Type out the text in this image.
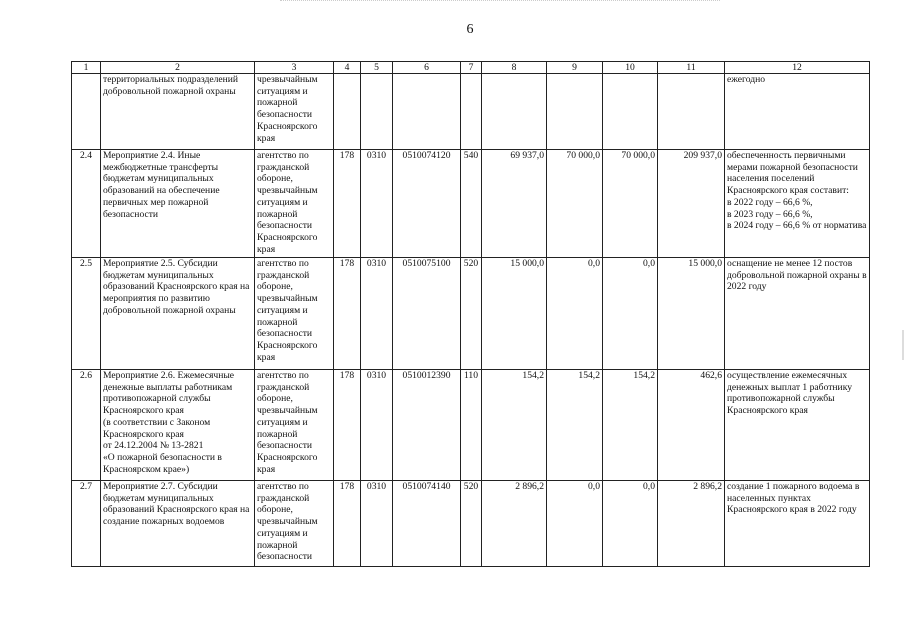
6
1	2	3	4	5	6	7	8	9	10	11	12
	территориальных подразделений добровольной пожарной охраны	чрезвычайным ситуациям и пожарной безопасности Красноярского края									ежегодно
2.4	Мероприятие 2.4. Иные межбюджетные трансферты бюджетам муниципальных образований на обеспечение первичных мер пожарной безопасности	агентство по гражданской обороне, чрезвычайным ситуациям и пожарной безопасности Красноярского края	178	0310	0510074120	540	69 937,0	70 000,0	70 000,0	209 937,0	обеспеченность первичными мерами пожарной безопасности населения поселений Красноярского края составит:
в 2022 году – 66,6 %,
в 2023 году – 66,6 %,
в 2024 году – 66,6 % от норматива
2.5	Мероприятие 2.5. Субсидии бюджетам муниципальных образований Красноярского края на мероприятия по развитию добровольной пожарной охраны	агентство по гражданской обороне, чрезвычайным ситуациям и пожарной безопасности Красноярского края	178	0310	0510075100	520	15 000,0	0,0	0,0	15 000,0	оснащение не менее 12 постов добровольной пожарной охраны в 2022 году
2.6	Мероприятие 2.6. Ежемесячные денежные выплаты работникам противопожарной службы Красноярского края
(в соответствии с Законом Красноярского края
от 24.12.2004 № 13-2821
«О пожарной безопасности в Красноярском крае»)	агентство по гражданской обороне, чрезвычайным ситуациям и пожарной безопасности Красноярского края	178	0310	0510012390	110	154,2	154,2	154,2	462,6	осуществление ежемесячных денежных выплат 1 работнику противопожарной службы Красноярского края
2.7	Мероприятие 2.7. Субсидии бюджетам муниципальных образований Красноярского края на создание пожарных водоемов	агентство по гражданской обороне, чрезвычайным ситуациям и пожарной безопасности	178	0310	0510074140	520	2 896,2	0,0	0,0	2 896,2	создание 1 пожарного водоема в населенных пунктах Красноярского края в 2022 году
